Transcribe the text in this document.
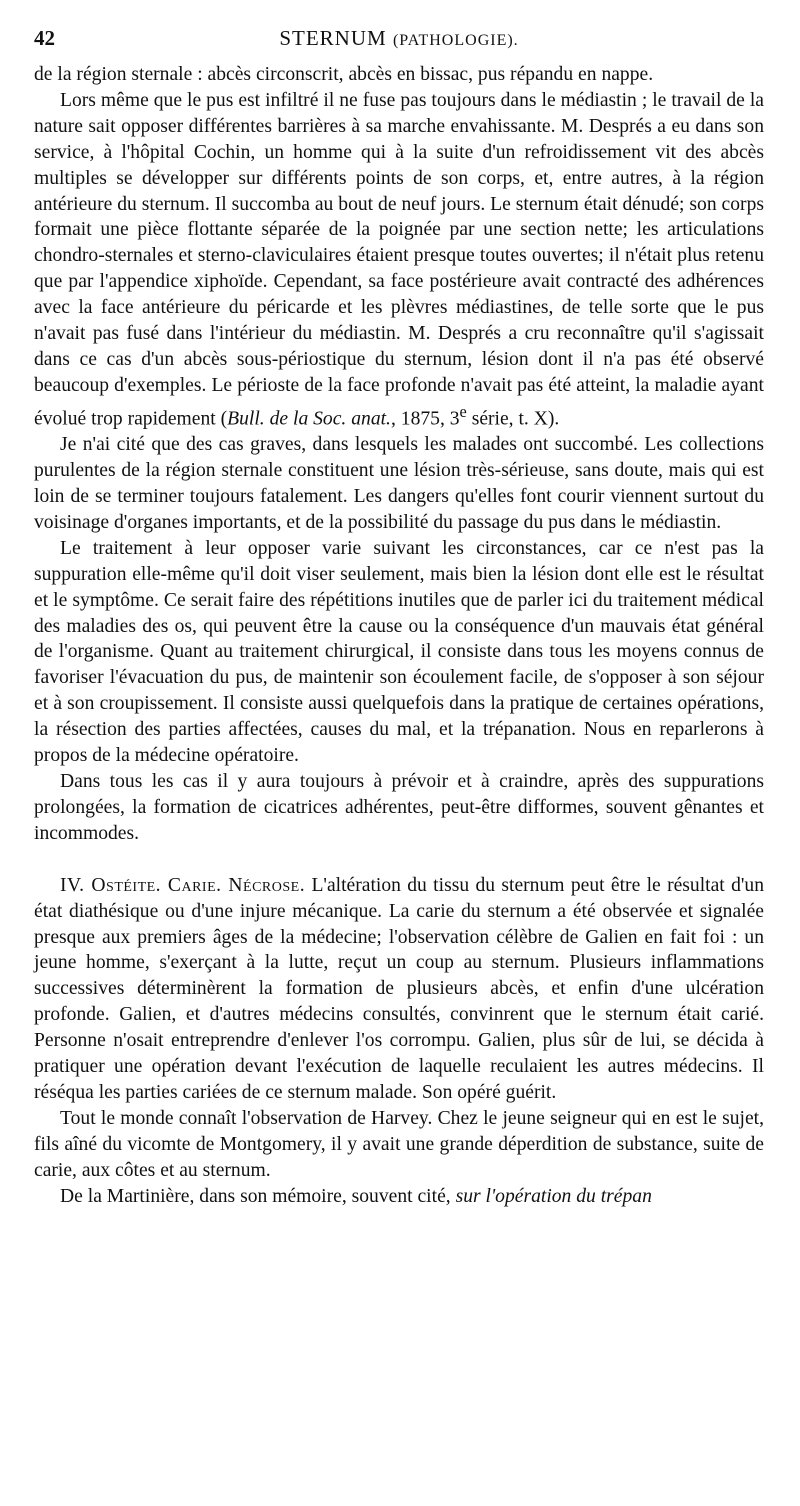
42	STERNUM (PATHOLOGIE).

de la région sternale : abcès circonscrit, abcès en bissac, pus répandu en nappe.

Lors même que le pus est infiltré il ne fuse pas toujours dans le médiastin ; le travail de la nature sait opposer différentes barrières à sa marche envahissante. M. Després a eu dans son service, à l'hôpital Cochin, un homme qui à la suite d'un refroidissement vit des abcès multiples se développer sur différents points de son corps, et, entre autres, à la région antérieure du sternum. Il succomba au bout de neuf jours. Le sternum était dénudé; son corps formait une pièce flottante séparée de la poignée par une section nette; les articulations chondro-sternales et sterno-claviculaires étaient presque toutes ouvertes; il n'était plus retenu que par l'appendice xiphoïde. Cependant, sa face postérieure avait contracté des adhérences avec la face antérieure du péricarde et les plèvres médiastines, de telle sorte que le pus n'avait pas fusé dans l'intérieur du médiastin. M. Després a cru reconnaître qu'il s'agissait dans ce cas d'un abcès sous-périostique du sternum, lésion dont il n'a pas été observé beaucoup d'exemples. Le périoste de la face profonde n'avait pas été atteint, la maladie ayant évolué trop rapidement (Bull. de la Soc. anat., 1875, 3e série, t. X).

Je n'ai cité que des cas graves, dans lesquels les malades ont succombé. Les collections purulentes de la région sternale constituent une lésion très-sérieuse, sans doute, mais qui est loin de se terminer toujours fatalement. Les dangers qu'elles font courir viennent surtout du voisinage d'organes importants, et de la possibilité du passage du pus dans le médiastin.

Le traitement à leur opposer varie suivant les circonstances, car ce n'est pas la suppuration elle-même qu'il doit viser seulement, mais bien la lésion dont elle est le résultat et le symptôme. Ce serait faire des répétitions inutiles que de parler ici du traitement médical des maladies des os, qui peuvent être la cause ou la conséquence d'un mauvais état général de l'organisme. Quant au traitement chirurgical, il consiste dans tous les moyens connus de favoriser l'évacuation du pus, de maintenir son écoulement facile, de s'opposer à son séjour et à son croupissement. Il consiste aussi quelquefois dans la pratique de certaines opérations, la résection des parties affectées, causes du mal, et la trépanation. Nous en reparlerons à propos de la médecine opératoire.

Dans tous les cas il y aura toujours à prévoir et à craindre, après des suppurations prolongées, la formation de cicatrices adhérentes, peut-être difformes, souvent gênantes et incommodes.

IV. Ostéite. Carie. Nécrose. L'altération du tissu du sternum peut être le résultat d'un état diathésique ou d'une injure mécanique. La carie du sternum a été observée et signalée presque aux premiers âges de la médecine; l'observation célèbre de Galien en fait foi : un jeune homme, s'exerçant à la lutte, reçut un coup au sternum. Plusieurs inflammations successives déterminèrent la formation de plusieurs abcès, et enfin d'une ulcération profonde. Galien, et d'autres médecins consultés, convinrent que le sternum était carié. Personne n'osait entreprendre d'enlever l'os corrompu. Galien, plus sûr de lui, se décida à pratiquer une opération devant l'exécution de laquelle reculaient les autres médecins. Il réséqua les parties cariées de ce sternum malade. Son opéré guérit.

Tout le monde connaît l'observation de Harvey. Chez le jeune seigneur qui en est le sujet, fils aîné du vicomte de Montgomery, il y avait une grande déperdition de substance, suite de carie, aux côtes et au sternum.

De la Martinière, dans son mémoire, souvent cité, sur l'opération du trépan
